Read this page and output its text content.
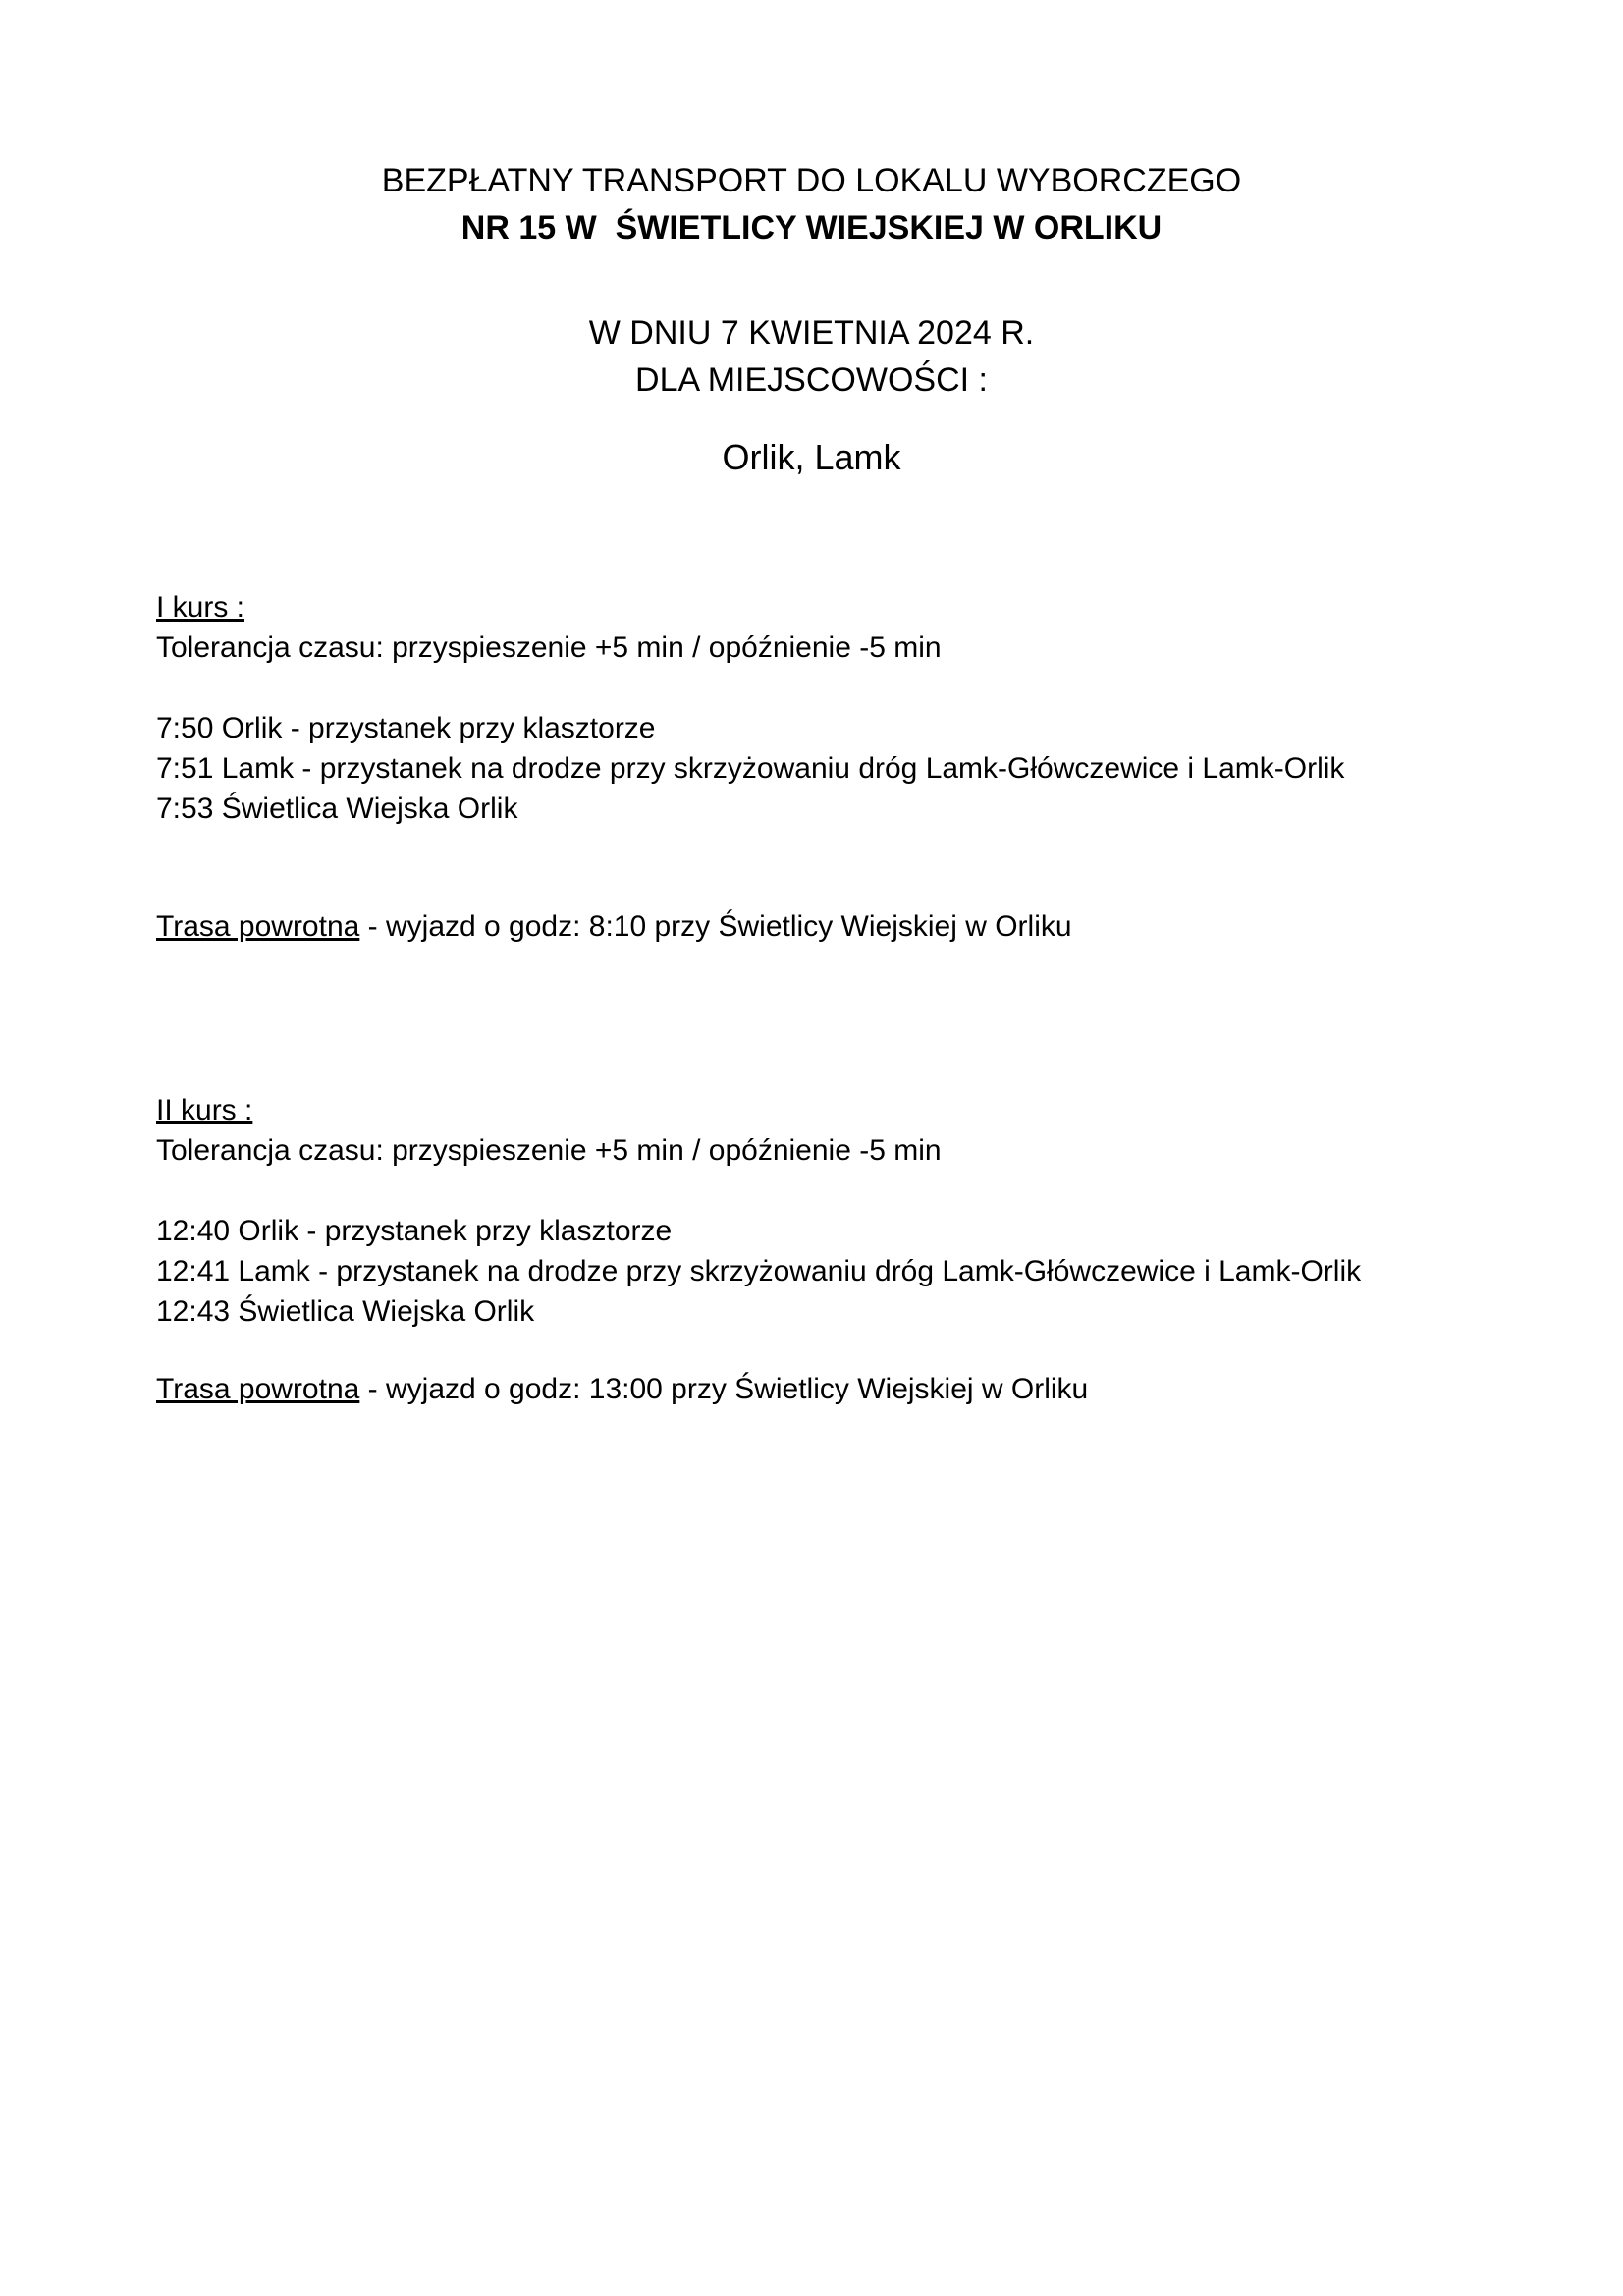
BEZPŁATNY TRANSPORT DO LOKALU WYBORCZEGO
NR 15 W  ŚWIETLICY WIEJSKIEJ W ORLIKU
W DNIU 7 KWIETNIA 2024 R.
DLA MIEJSCOWOŚCI :
Orlik, Lamk
I kurs :
Tolerancja czasu: przyspieszenie +5 min / opóźnienie -5 min
7:50 Orlik - przystanek przy klasztorze
7:51 Lamk - przystanek na drodze przy skrzyżowaniu dróg Lamk-Główczewice i Lamk-Orlik
7:53 Świetlica Wiejska Orlik
Trasa powrotna - wyjazd o godz: 8:10 przy Świetlicy Wiejskiej w Orliku
II kurs :
Tolerancja czasu: przyspieszenie +5 min / opóźnienie -5 min
12:40 Orlik - przystanek przy klasztorze
12:41 Lamk - przystanek na drodze przy skrzyżowaniu dróg Lamk-Główczewice i Lamk-Orlik
12:43 Świetlica Wiejska Orlik
Trasa powrotna - wyjazd o godz: 13:00 przy Świetlicy Wiejskiej w Orliku
